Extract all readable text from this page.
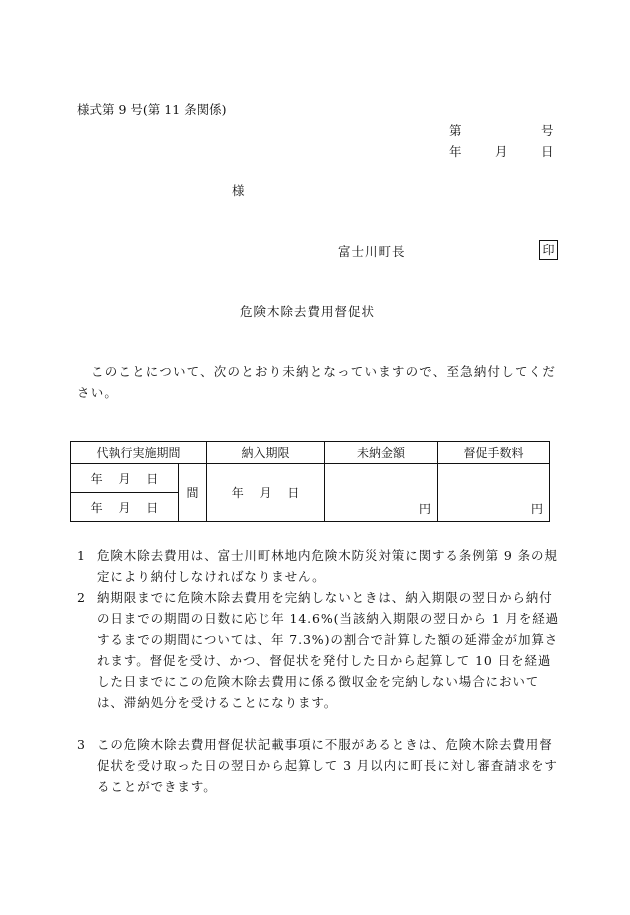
様式第 9 号(第 11 条関係)
第	号
年	月	日
様
富士川町長	印
危険木除去費用督促状
このことについて、次のとおり未納となっていますので、至急納付してください。
代執行実施期間		納入期限	未納金額	督促手数料
年　 月　 日	間	年　 月　 日	円	円
年　 月　 日				
1 危険木除去費用は、富士川町林地内危険木防災対策に関する条例第 9 条の規定により納付しなければなりません。
2 納期限までに危険木除去費用を完納しないときは、納入期限の翌日から納付の日までの期間の日数に応じ年 14.6%(当該納入期限の翌日から 1 月を経過するまでの期間については、年 7.3%)の割合で計算した額の延滞金が加算されます。督促を受け、かつ、督促状を発付した日から起算して 10 日を経過した日までにこの危険木除去費用に係る徴収金を完納しない場合においては、滞納処分を受けることになります。
3 この危険木除去費用督促状記載事項に不服があるときは、危険木除去費用督促状を受け取った日の翌日から起算して 3 月以内に町長に対し審査請求をすることができます。
